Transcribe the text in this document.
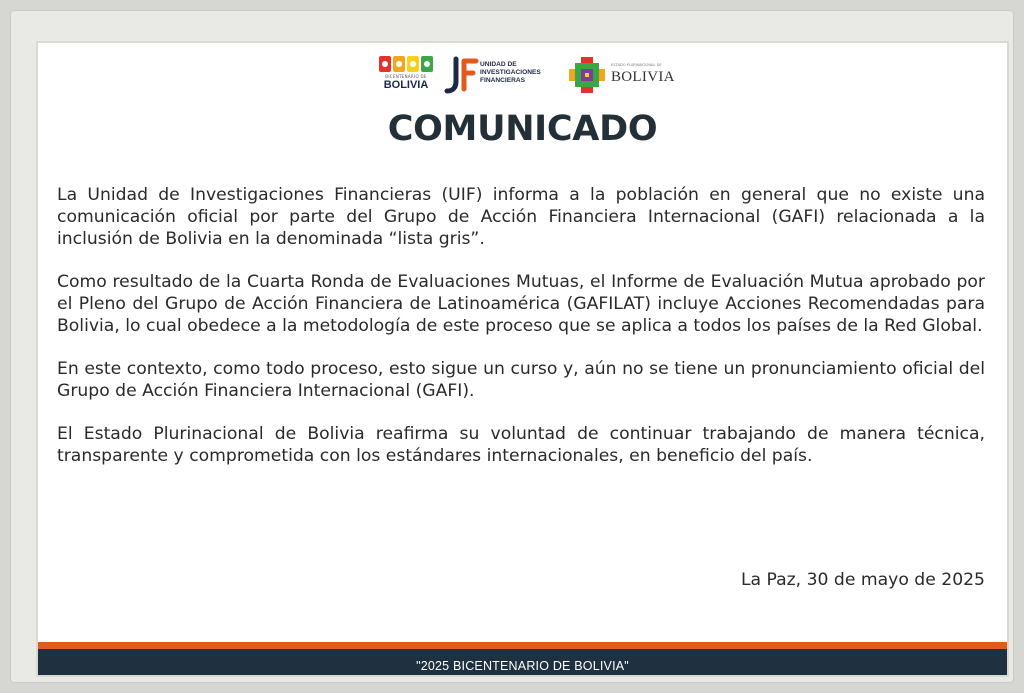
BICENTENARIO DE
BOLIVIA
UNIDAD DE
INVESTIGACIONES
FINANCIERAS
ESTADO PLURINACIONAL DE
BOLIVIA
COMUNICADO

La Unidad de Investigaciones Financieras (UIF) informa a la población en general que no existe una comunicación oficial por parte del Grupo de Acción Financiera Internacional (GAFI) relacionada a la inclusión de Bolivia en la denominada “lista gris”.

Como resultado de la Cuarta Ronda de Evaluaciones Mutuas, el Informe de Evaluación Mutua aprobado por el Pleno del Grupo de Acción Financiera de Latinoamérica (GAFILAT) incluye Acciones Recomendadas para Bolivia, lo cual obedece a la metodología de este proceso que se aplica a todos los países de la Red Global.

En este contexto, como todo proceso, esto sigue un curso y, aún no se tiene un pronunciamiento oficial del Grupo de Acción Financiera Internacional (GAFI).

El Estado Plurinacional de Bolivia reafirma su voluntad de continuar trabajando de manera técnica, transparente y comprometida con los estándares internacionales, en beneficio del país.

La Paz, 30 de mayo de 2025
"2025 BICENTENARIO DE BOLIVIA"
